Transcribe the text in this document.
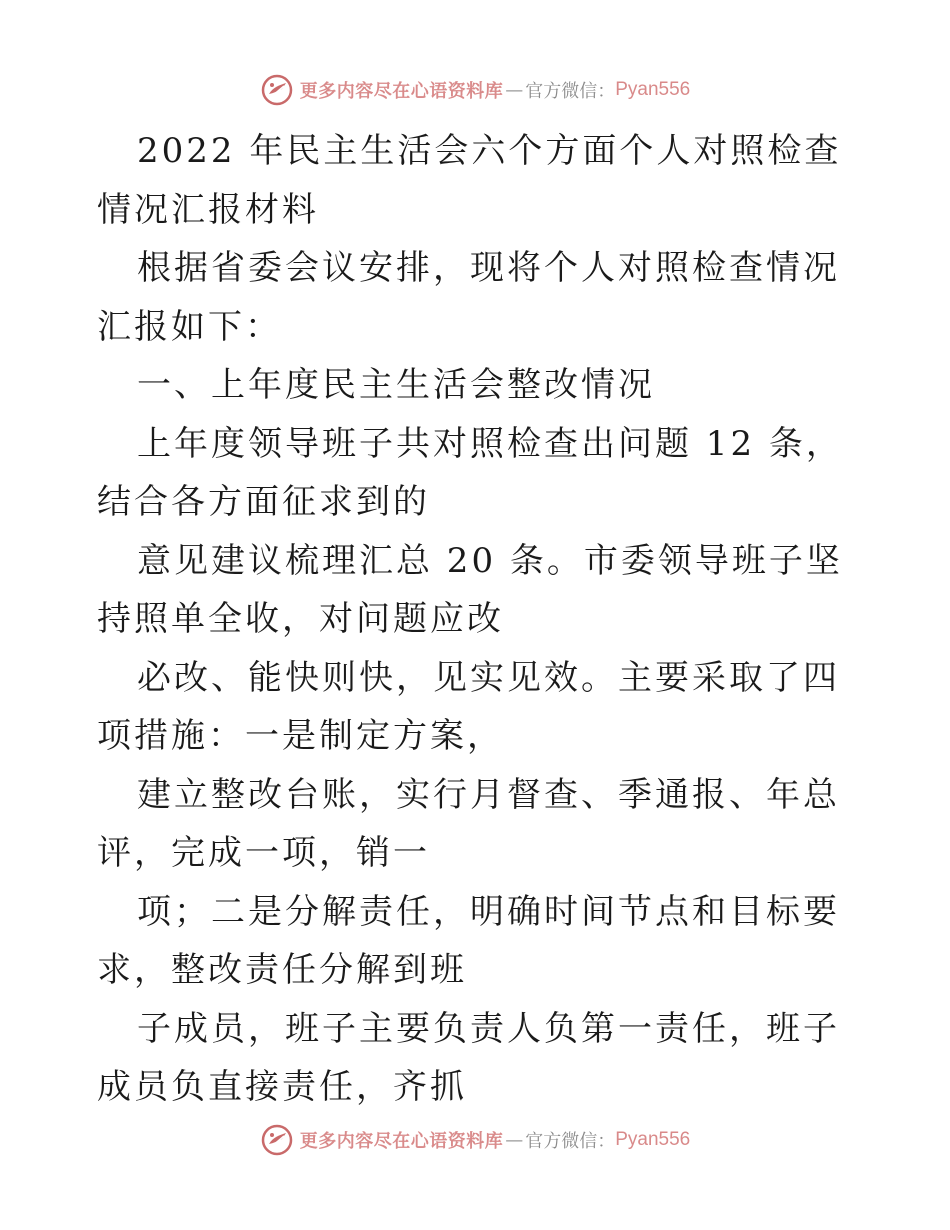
更多内容尽在心语资料库 — 官方微信： Pyan556

2022 年民主生活会六个方面个人对照检查情况汇报材料

根据省委会议安排，现将个人对照检查情况汇报如下：

一、上年度民主生活会整改情况

上年度领导班子共对照检查出问题 12 条，结合各方面征求到的

意见建议梳理汇总 20 条。市委领导班子坚持照单全收，对问题应改

必改、能快则快，见实见效。主要采取了四项措施：一是制定方案，

建立整改台账，实行月督查、季通报、年总评，完成一项，销一

项；二是分解责任，明确时间节点和目标要求，整改责任分解到班

子成员，班子主要负责人负第一责任，班子成员负直接责任，齐抓

更多内容尽在心语资料库 — 官方微信： Pyan556
